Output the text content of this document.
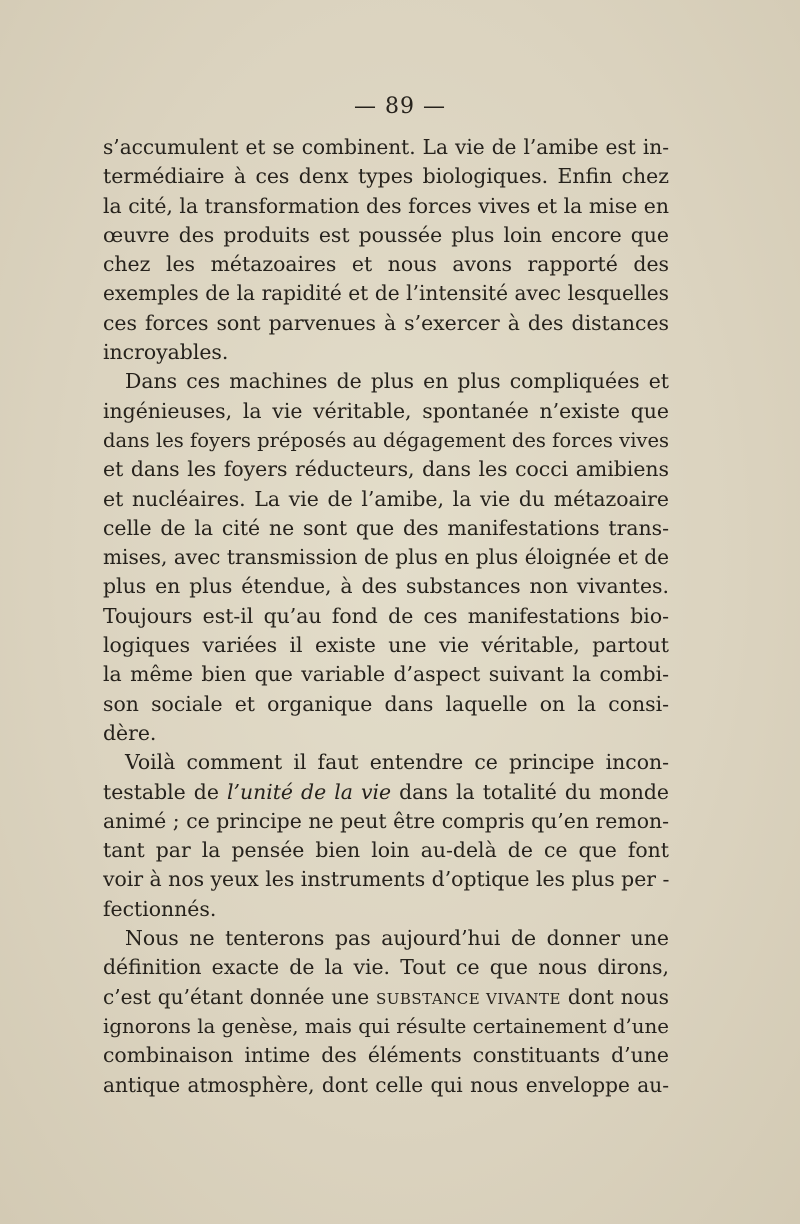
— 89 —
s’accumulent et se combinent. La vie de l’amibe est in-
termédiaire à ces denx types biologiques. Enfin chez
la cité, la transformation des forces vives et la mise en
œuvre des produits est poussée plus loin encore que
chez les métazoaires et nous avons rapporté des
exemples de la rapidité et de l’intensité avec lesquelles
ces forces sont parvenues à s’exercer à des distances
incroyables.
Dans ces machines de plus en plus compliquées et
ingénieuses, la vie véritable, spontanée n’existe que
dans les foyers préposés au dégagement des forces vives
et dans les foyers réducteurs, dans les cocci amibiens
et nucléaires. La vie de l’amibe, la vie du métazoaire
celle de la cité ne sont que des manifestations trans-
mises, avec transmission de plus en plus éloignée et de
plus en plus étendue, à des substances non vivantes.
Toujours est-il qu’au fond de ces manifestations bio-
logiques variées il existe une vie véritable, partout
la même bien que variable d’aspect suivant la combi-
son sociale et organique dans laquelle on la consi-
dère.
Voilà comment il faut entendre ce principe incon-
testable de l’unité de la vie dans la totalité du monde
animé ; ce principe ne peut être compris qu’en remon-
tant par la pensée bien loin au-delà de ce que font
voir à nos yeux les instruments d’optique les plus per -
fectionnés.
Nous ne tenterons pas aujourd’hui de donner une
définition exacte de la vie. Tout ce que nous dirons,
c’est qu’étant donnée une SUBSTANCE VIVANTE dont nous
ignorons la genèse, mais qui résulte certainement d’une
combinaison intime des éléments constituants d’une
antique atmosphère, dont celle qui nous enveloppe au-
